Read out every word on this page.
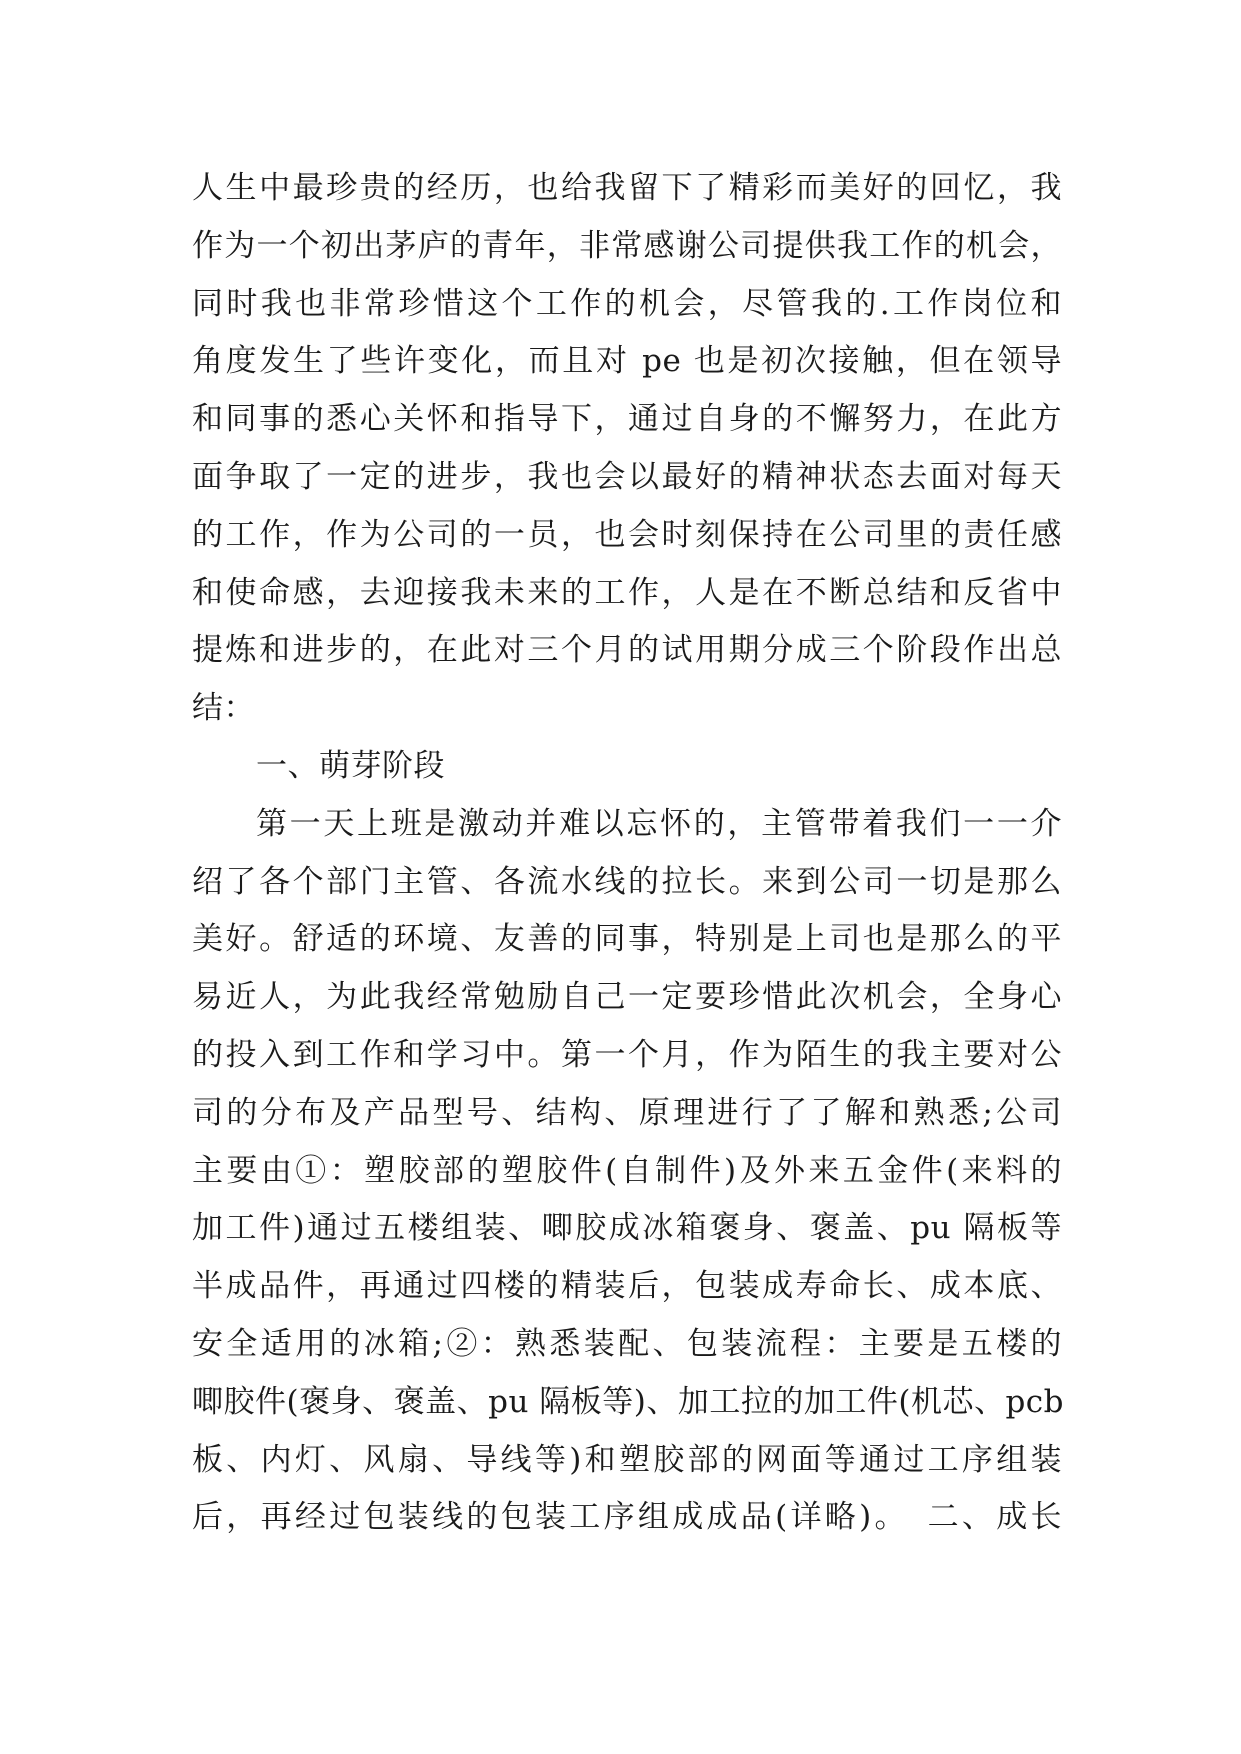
人生中最珍贵的经历，也给我留下了精彩而美好的回忆，我
作为一个初出茅庐的青年，非常感谢公司提供我工作的机会，
同时我也非常珍惜这个工作的机会，尽管我的.工作岗位和
角度发生了些许变化，而且对 pe 也是初次接触，但在领导
和同事的悉心关怀和指导下，通过自身的不懈努力，在此方
面争取了一定的进步，我也会以最好的精神状态去面对每天
的工作，作为公司的一员，也会时刻保持在公司里的责任感
和使命感，去迎接我未来的工作，人是在不断总结和反省中
提炼和进步的，在此对三个月的试用期分成三个阶段作出总
结：
一、萌芽阶段
第一天上班是激动并难以忘怀的，主管带着我们一一介
绍了各个部门主管、各流水线的拉长。来到公司一切是那么
美好。舒适的环境、友善的同事，特别是上司也是那么的平
易近人，为此我经常勉励自己一定要珍惜此次机会，全身心
的投入到工作和学习中。第一个月，作为陌生的我主要对公
司的分布及产品型号、结构、原理进行了了解和熟悉;公司
主要由①：塑胶部的塑胶件(自制件)及外来五金件(来料的
加工件)通过五楼组装、唧胶成冰箱褒身、褒盖、pu 隔板等
半成品件，再通过四楼的精装后，包装成寿命长、成本底、
安全适用的冰箱;②：熟悉装配、包装流程：主要是五楼的
唧胶件(褒身、褒盖、pu 隔板等)、加工拉的加工件(机芯、pcb
板、内灯、风扇、导线等)和塑胶部的网面等通过工序组装
后，再经过包装线的包装工序组成成品(详略)。　二、成长
